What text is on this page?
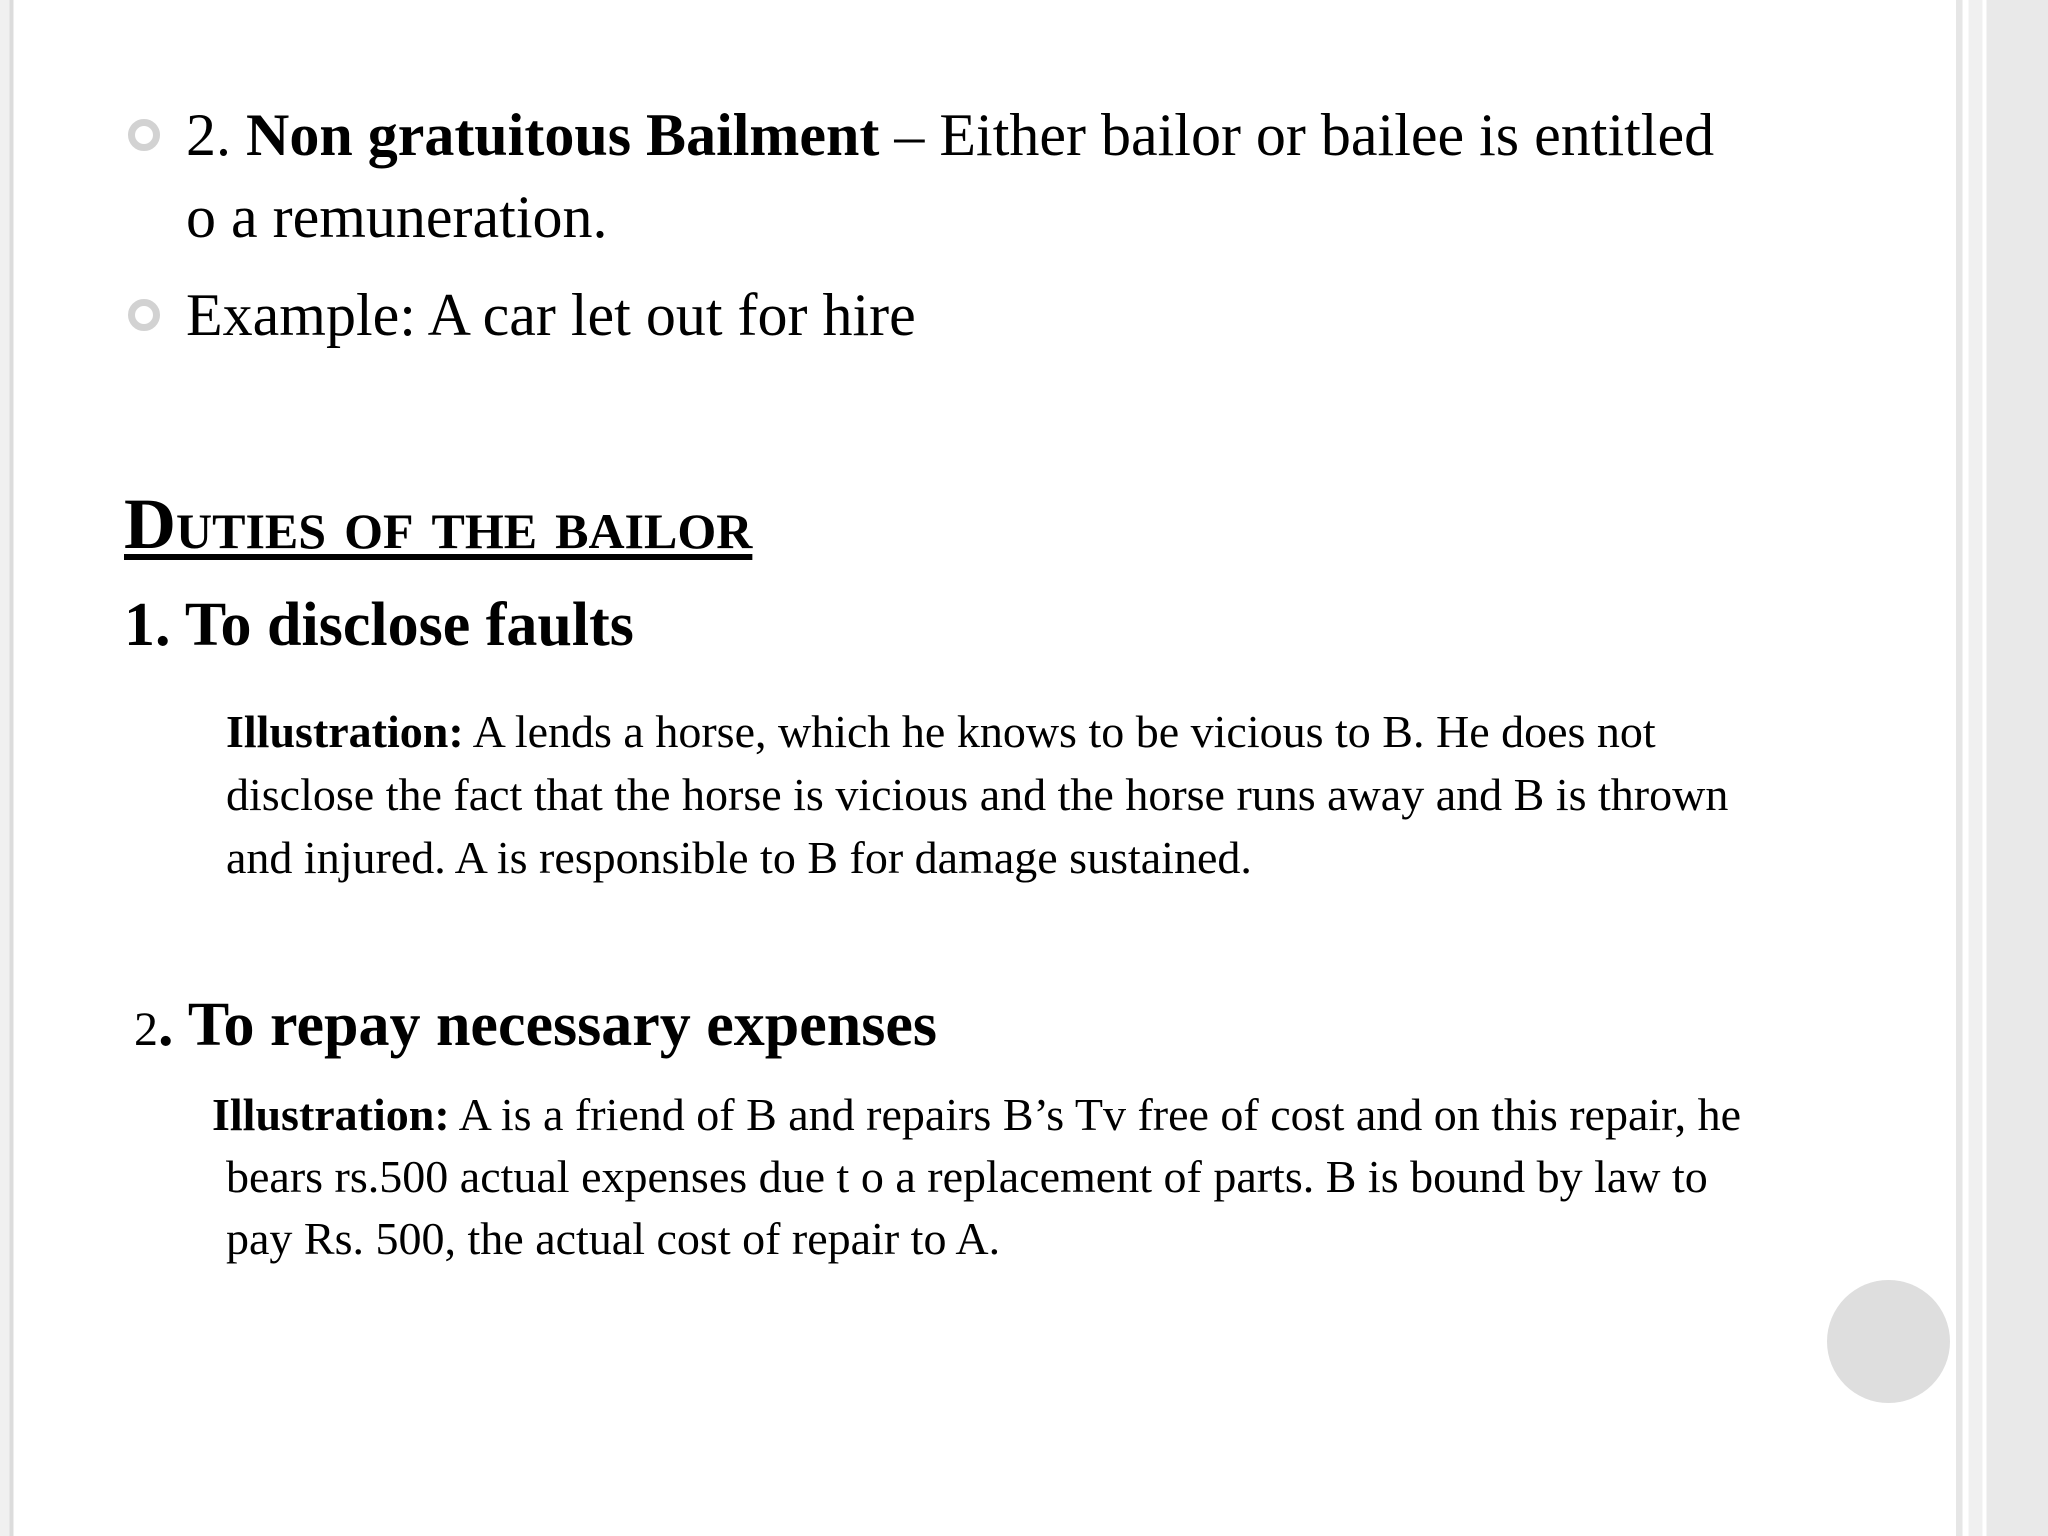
2. Non gratuitous Bailment – Either bailor or bailee is entitled
o a remuneration.
Example: A car let out for hire
Duties of the bailor
1. To disclose faults
Illustration: A lends a horse, which he knows to be vicious to B. He does not
disclose the fact that the horse is vicious and the horse runs away and B is thrown
and injured. A is responsible to B for damage sustained.
2. To repay necessary expenses
Illustration: A is a friend of B and repairs B’s Tv free of cost and on this repair, he
bears rs.500 actual expenses due t o a replacement of parts. B is bound by law to
pay Rs. 500, the actual cost of repair to A.
